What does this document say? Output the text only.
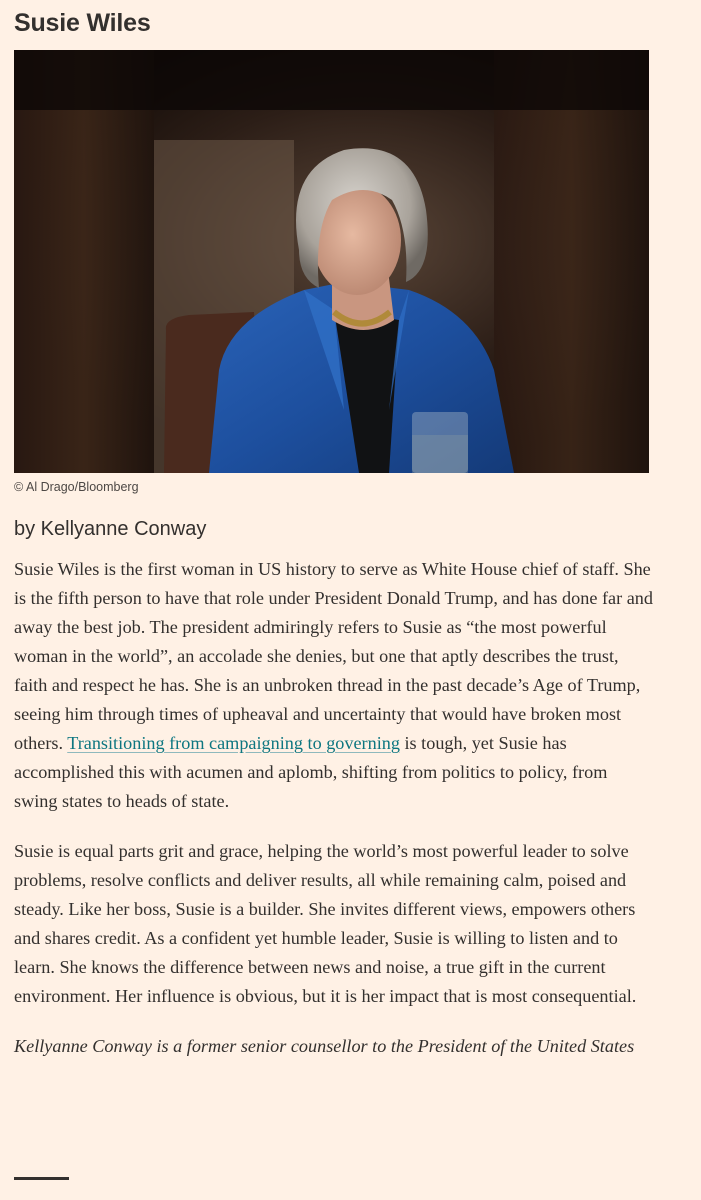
Susie Wiles
© Al Drago/Bloomberg
by Kellyanne Conway

Susie Wiles is the first woman in US history to serve as White House chief of staff. She is the fifth person to have that role under President Donald Trump, and has done far and away the best job. The president admiringly refers to Susie as “the most powerful woman in the world”, an accolade she denies, but one that aptly describes the trust, faith and respect he has. She is an unbroken thread in the past decade’s Age of Trump, seeing him through times of upheaval and uncertainty that would have broken most others. Transitioning from campaigning to governing is tough, yet Susie has accomplished this with acumen and aplomb, shifting from politics to policy, from swing states to heads of state.

Susie is equal parts grit and grace, helping the world’s most powerful leader to solve problems, resolve conflicts and deliver results, all while remaining calm, poised and steady. Like her boss, Susie is a builder. She invites different views, empowers others and shares credit. As a confident yet humble leader, Susie is willing to listen and to learn. She knows the difference between news and noise, a true gift in the current environment. Her influence is obvious, but it is her impact that is most consequential.

Kellyanne Conway is a former senior counsellor to the President of the United States
